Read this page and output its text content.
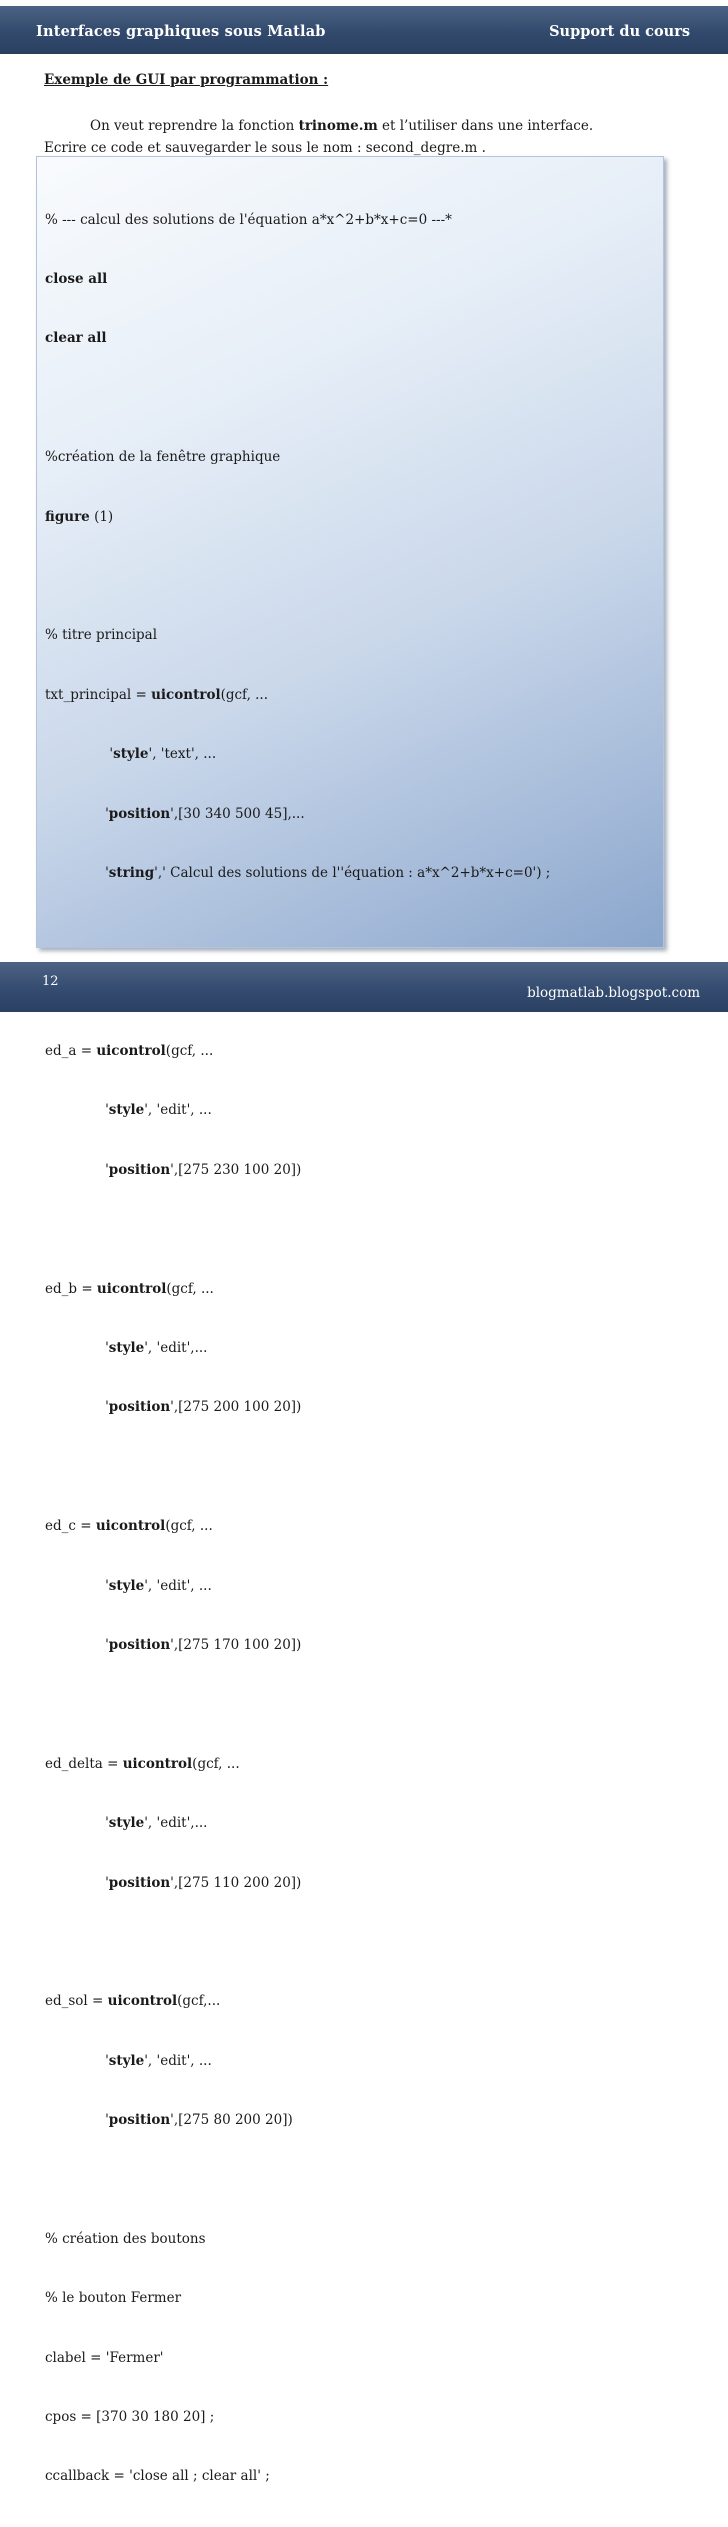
Interfaces graphiques sous Matlab	Support du cours
Exemple de GUI par programmation :
On veut reprendre la fonction trinome.m et l’utiliser dans une interface.
Ecrire ce code et sauvegarder le sous le nom : second_degre.m .

% --- calcul des solutions de l'équation a*x^2+b*x+c=0 ---*

close all

clear all

%création de la fenêtre graphique

figure (1)

% titre principal

txt_principal = uicontrol(gcf, ...

'style', 'text', ...

'position',[30 340 500 45],...

'string',' Calcul des solutions de l''équation : a*x^2+b*x+c=0') ;

ed_a = uicontrol(gcf, ...

'style', 'edit', ...

'position',[275 230 100 20])

ed_b = uicontrol(gcf, ...

'style', 'edit',...

'position',[275 200 100 20])

ed_c = uicontrol(gcf, ...

'style', 'edit', ...

'position',[275 170 100 20])

ed_delta = uicontrol(gcf, ...

'style', 'edit',...

'position',[275 110 200 20])

ed_sol = uicontrol(gcf,...

'style', 'edit', ...

'position',[275 80 200 20])

% création des boutons

% le bouton Fermer

clabel = 'Fermer'

cpos = [370 30 180 20] ;

ccallback = 'close all ; clear all' ;

12
blogmatlab.blogspot.com
